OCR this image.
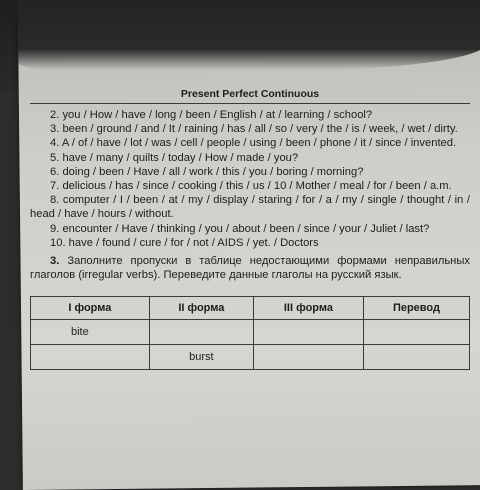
Present Perfect Continuous

2. you / How / have / long / been / English / at / learning / school?

3. been / ground / and / It / raining / has / all / so / very / the / is / week, / wet / dirty.

4. A / of / have / lot / was / cell / people / using / been / phone / it / since / invented.

5. have / many / quilts / today / How / made / you?

6. doing / been / Have / all / work / this / you / boring / morning?

7. delicious / has / since / cooking / this / us / 10 / Mother / meal / for / been / a.m.

8. computer / I / been / at / my / display / staring / for / a / my / single / thought / in / head / have / hours / without.

9. encounter / Have / thinking / you / about / been / since / your / Juliet / last?

10. have / found / cure / for / not / AIDS / yet. / Doctors

3. Заполните пропуски в таблице недостающими формами неправильных глаголов (irregular verbs). Переведите данные глаголы на русский язык.

I форма	II форма	III форма	Перевод
bite			
	burst		
